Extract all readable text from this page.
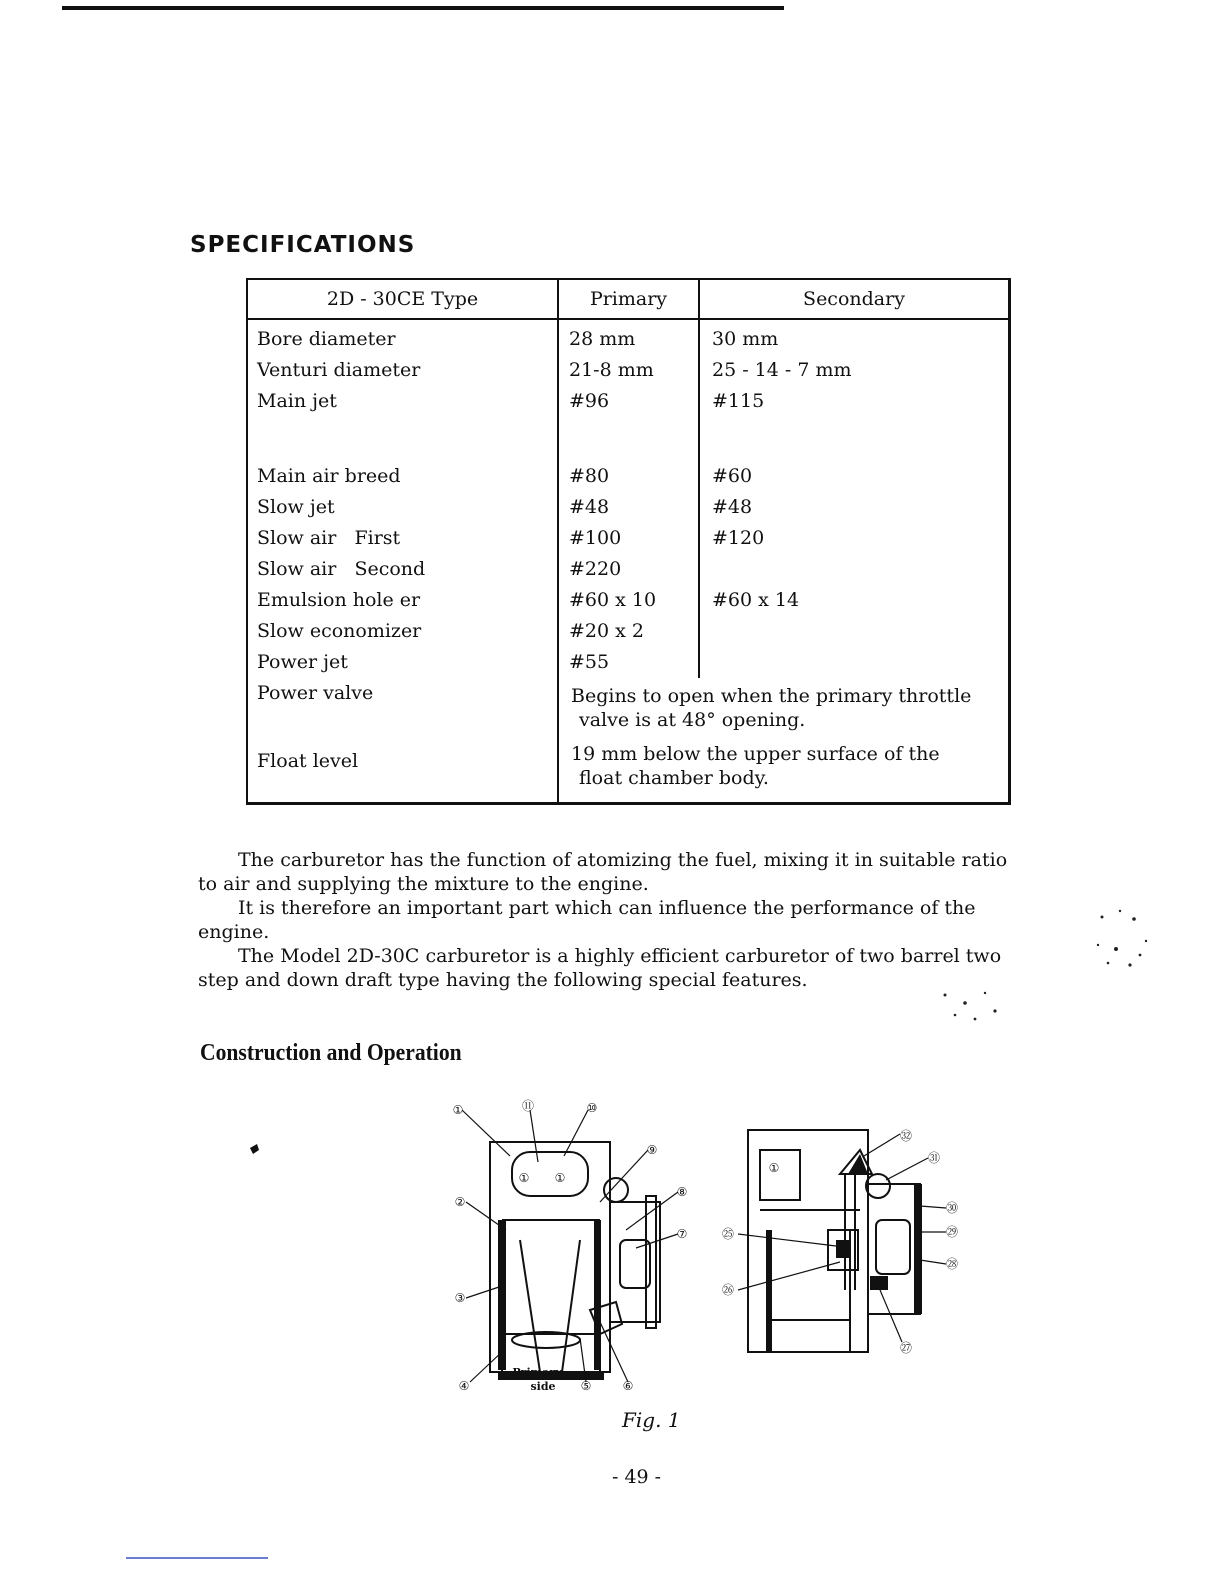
SPECIFICATIONS
2D - 30CE Type	Primary	Secondary
Bore diameter	28 mm	30 mm
Venturi diameter	21-8 mm	25 - 14 - 7 mm
Main jet	#96	#115

Main air breed	#80	#60
Slow jet	#48	#48
Slow air   First	#100	#120
Slow air   Second	#220	
Emulsion hole er	#60 x 10	#60 x 14
Slow economizer	#20 x 2	
Power jet	#55	
Power valve	Begins to open when the primary throttle
valve is at 48° opening.	

Float level	19 mm below the upper surface of the
float chamber body.	

The carburetor has the function of atomizing the fuel, mixing it in suitable ratio to air and supplying the mixture to the engine.

It is therefore an important part which can influence the performance of the engine.

The Model 2D-30C carburetor is a highly efficient carburetor of two barrel two step and down draft type having the following special features.

Construction and Operation
①	⑪	⑩
⑨
②
⑧
⑦
③
④	⑤	⑥
① ①
Primary
side
①
㉜
㉛
㉚
㉙
㉘
㉕
㉖
㉗
Fig. 1
- 49 -
